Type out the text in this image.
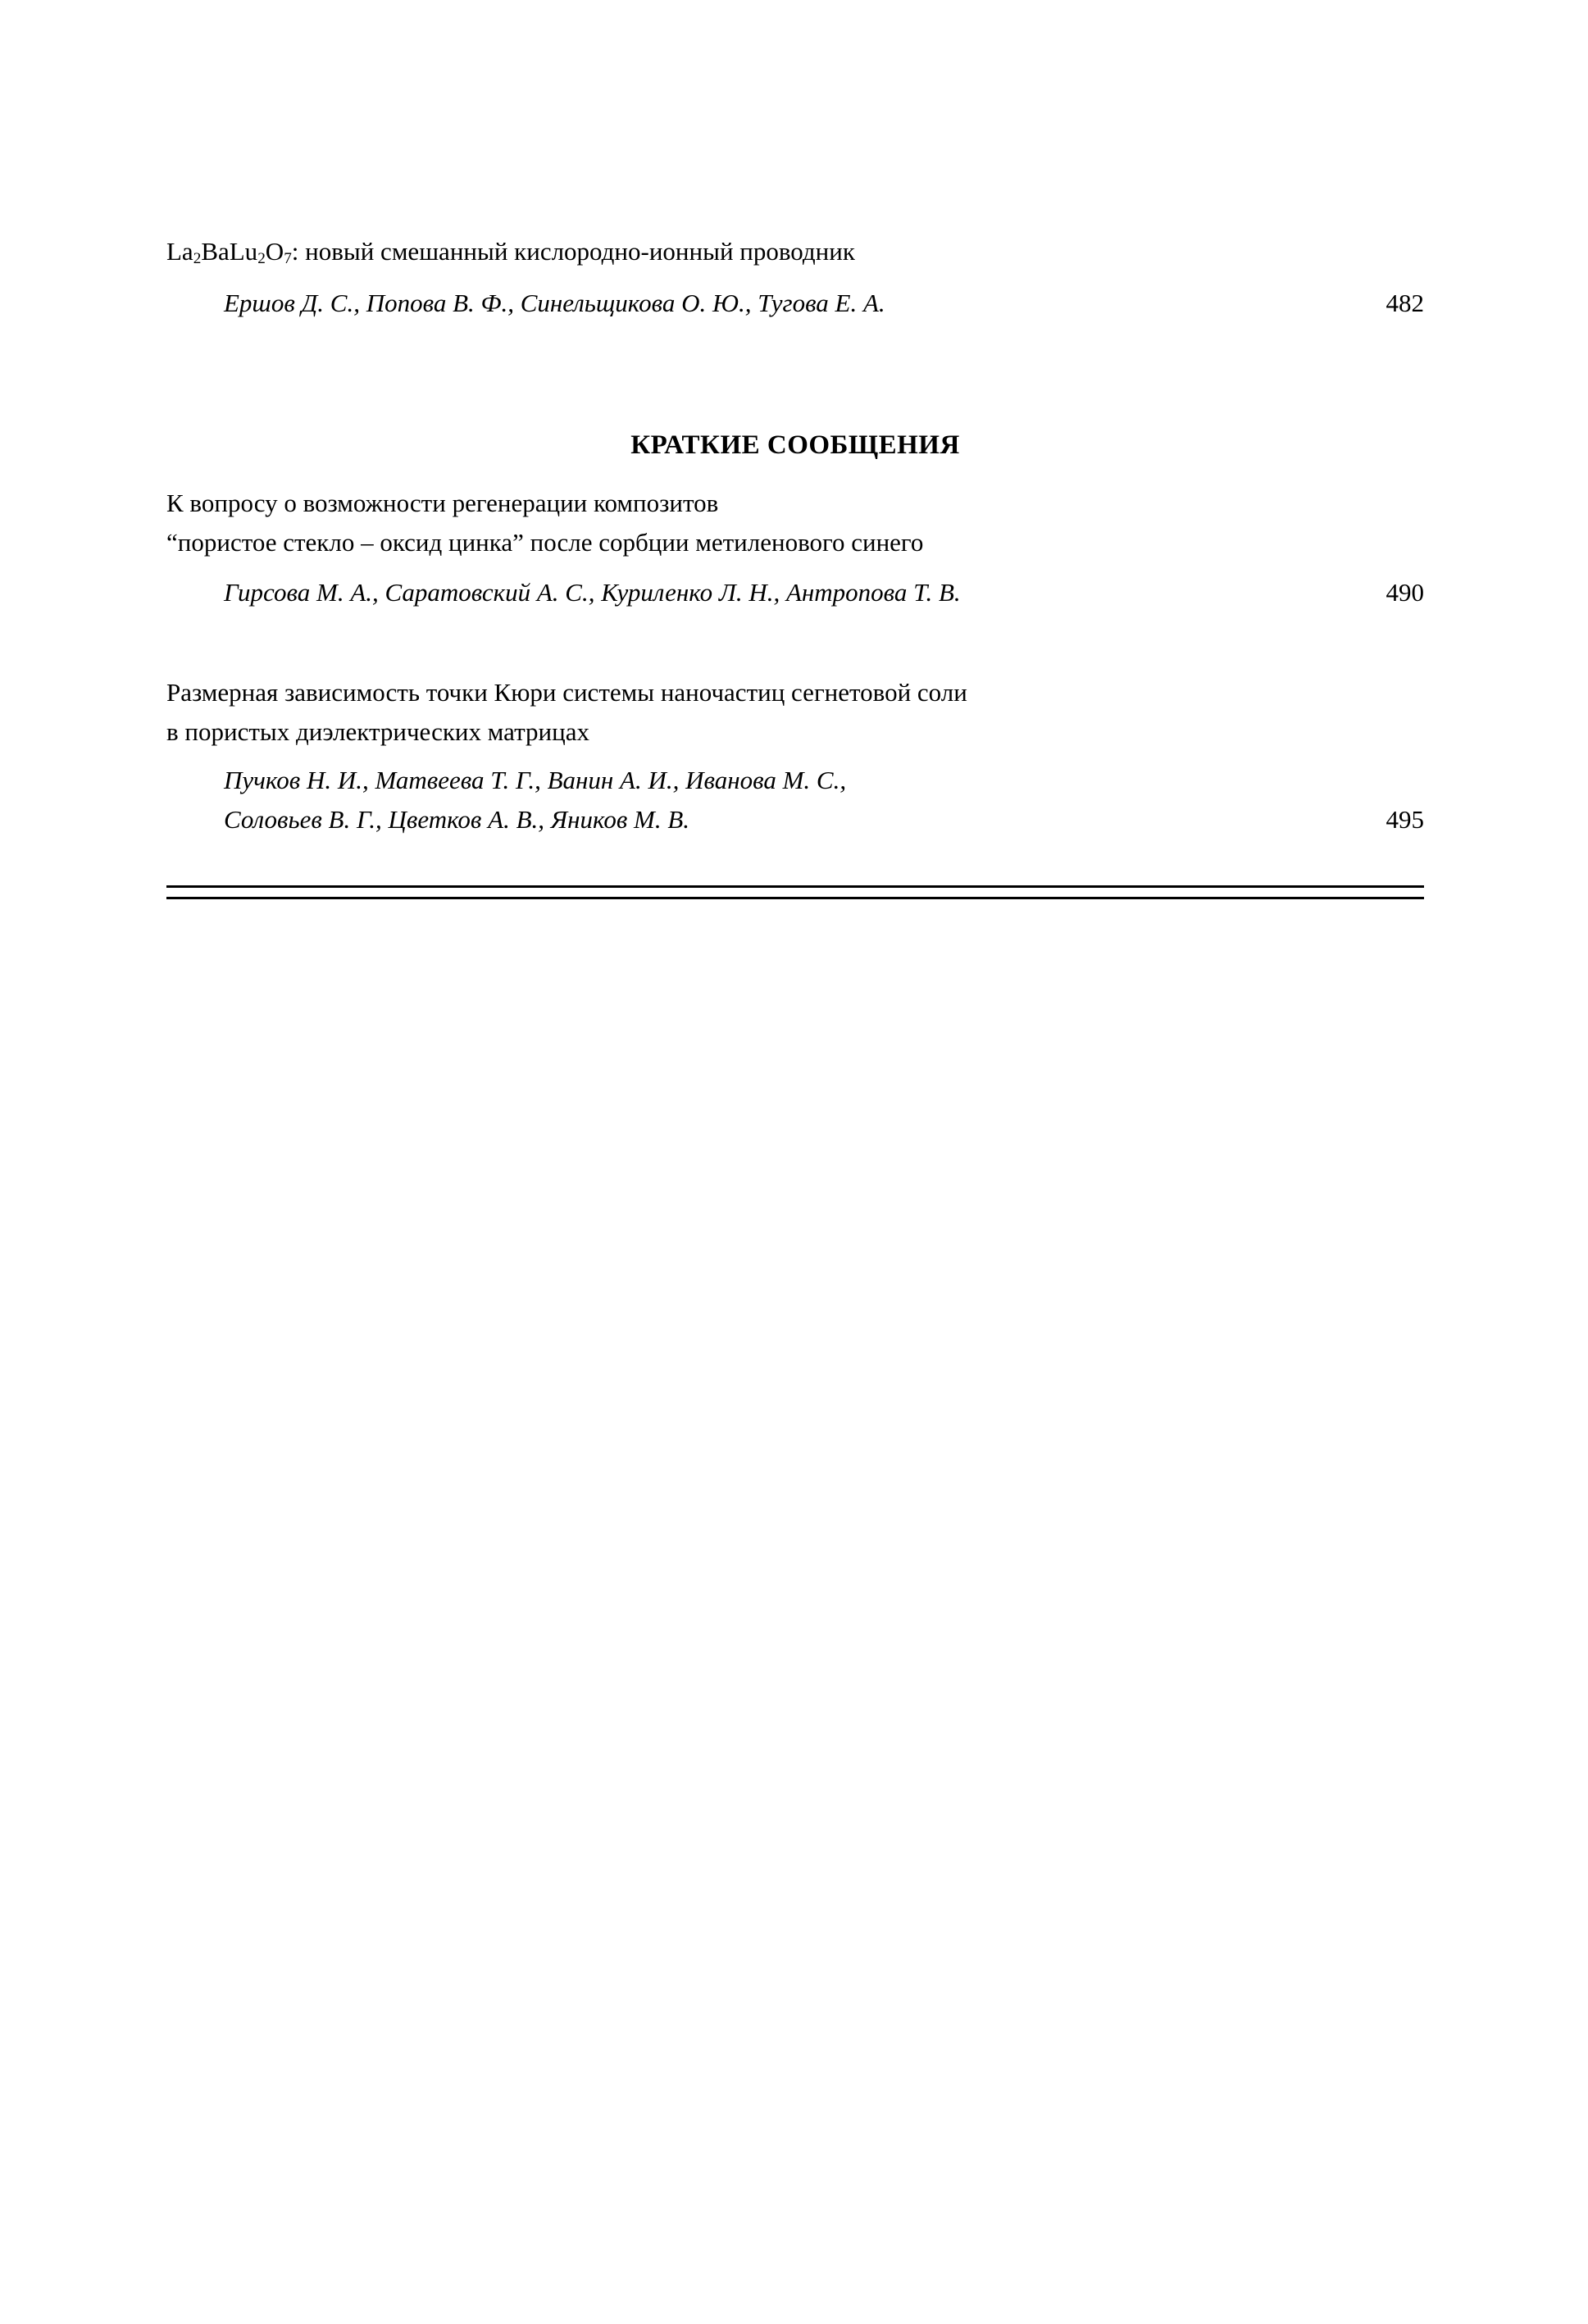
$La_2BaLu_2O_7$: новый смешанный кислородно-ионный проводник
Ершов Д. С., Попова В. Ф., Синельщикова О. Ю., Тугова Е. А.	482
КРАТКИЕ СООБЩЕНИЯ
К вопросу о возможности регенерации композитов
“пористое стекло – оксид цинка” после сорбции метиленового синего
Гирсова М. А., Саратовский А. С., Куриленко Л. Н., Антропова Т. В.	490
Размерная зависимость точки Кюри системы наночастиц сегнетовой соли
в пористых диэлектрических матрицах
Пучков Н. И., Матвеева Т. Г., Ванин А. И., Иванова М. С.,
Соловьев В. Г., Цветков А. В., Яников М. В.	495
